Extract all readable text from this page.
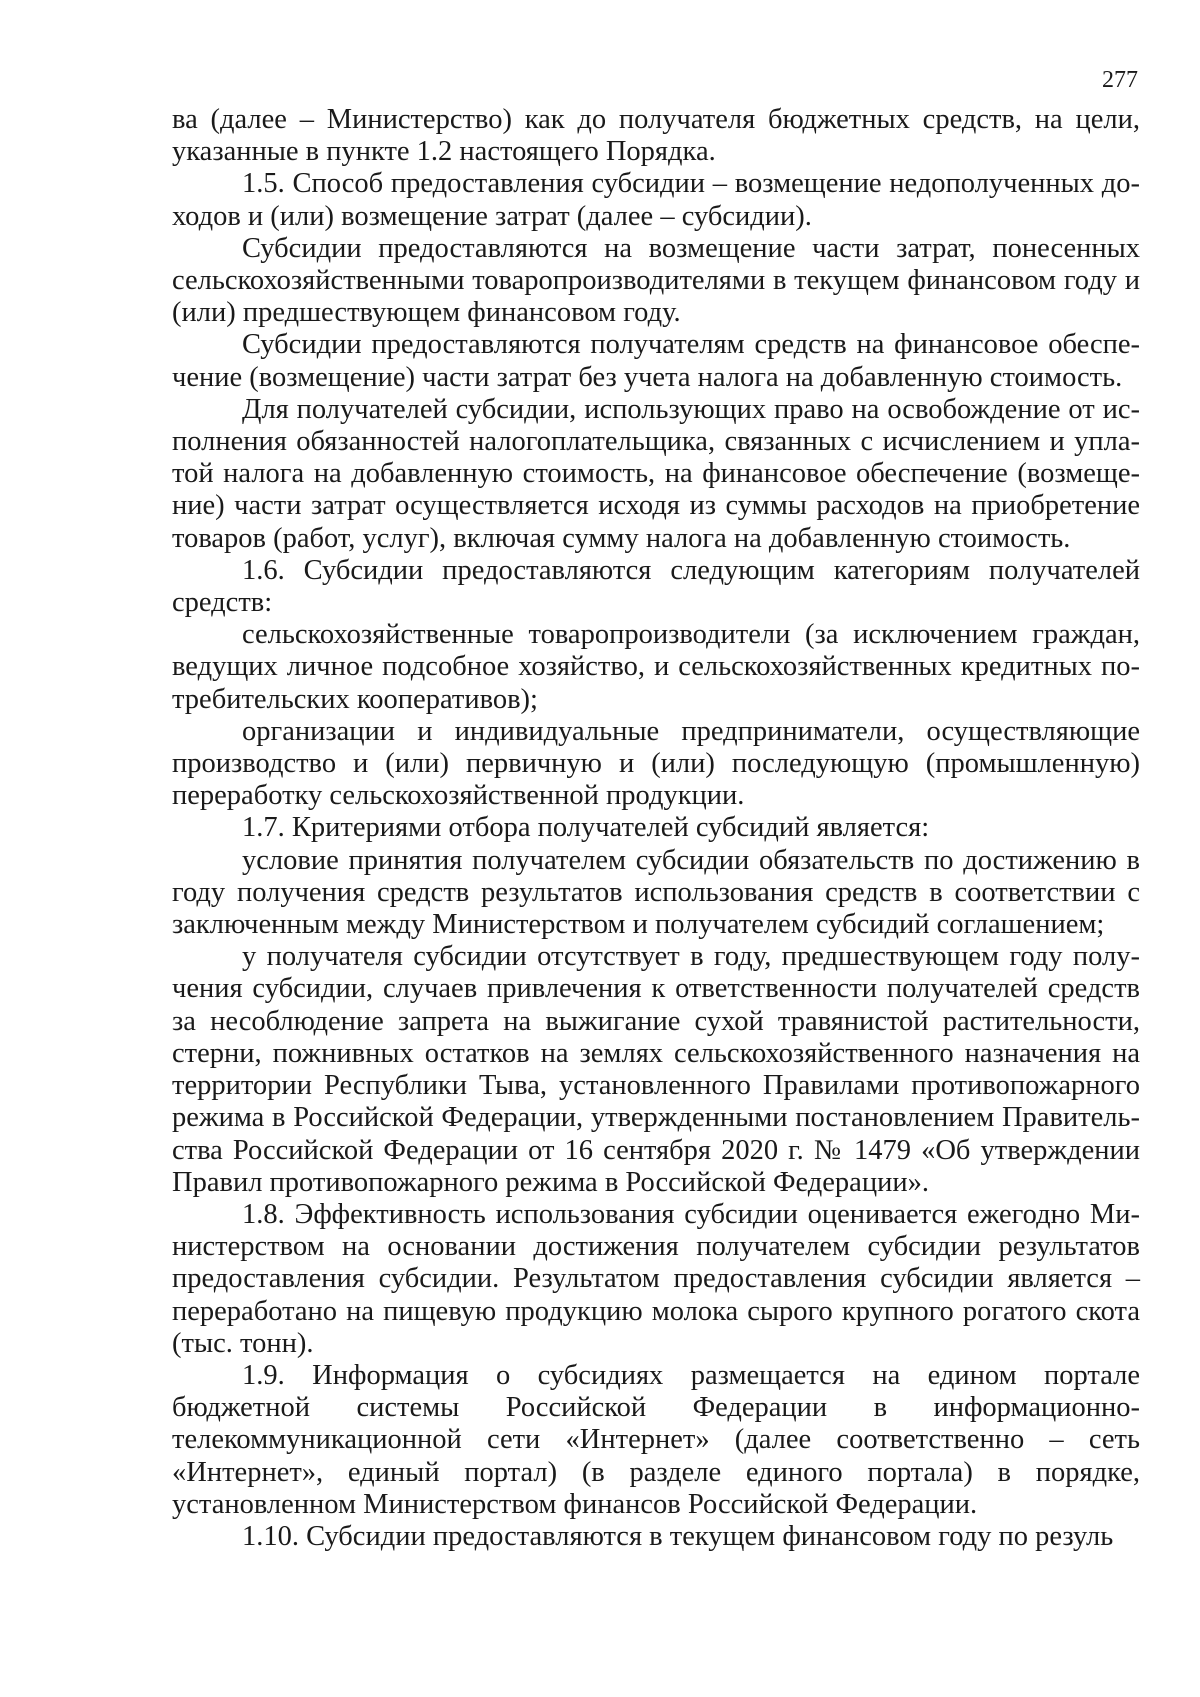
277

ва (далее – Министерство) как до получателя бюджетных средств, на цели, указанные в пункте 1.2 настоящего Порядка.

1.5. Способ предоставления субсидии – возмещение недополученных доходов и (или) возмещение затрат (далее – субсидии).

Субсидии предоставляются на возмещение части затрат, понесенных сельскохозяйственными товаропроизводителями в текущем финансовом году и (или) предшествующем финансовом году.

Субсидии предоставляются получателям средств на финансовое обеспечение (возмещение) части затрат без учета налога на добавленную стоимость.

Для получателей субсидии, использующих право на освобождение от исполнения обязанностей налогоплательщика, связанных с исчислением и уплатой налога на добавленную стоимость, на финансовое обеспечение (возмещение) части затрат осуществляется исходя из суммы расходов на приобретение товаров (работ, услуг), включая сумму налога на добавленную стоимость.

1.6. Субсидии предоставляются следующим категориям получателей средств:

сельскохозяйственные товаропроизводители (за исключением граждан, ведущих личное подсобное хозяйство, и сельскохозяйственных кредитных потребительских кооперативов);

организации и индивидуальные предприниматели, осуществляющие производство и (или) первичную и (или) последующую (промышленную) переработку сельскохозяйственной продукции.

1.7. Критериями отбора получателей субсидий является:

условие принятия получателем субсидии обязательств по достижению в году получения средств результатов использования средств в соответствии с заключенным между Министерством и получателем субсидий соглашением;

у получателя субсидии отсутствует в году, предшествующем году получения субсидии, случаев привлечения к ответственности получателей средств за несоблюдение запрета на выжигание сухой травянистой растительности, стерни, пожнивных остатков на землях сельскохозяйственного назначения на территории Республики Тыва, установленного Правилами противопожарного режима в Российской Федерации, утвержденными постановлением Правительства Российской Федерации от 16 сентября 2020 г. № 1479 «Об утверждении Правил противопожарного режима в Российской Федерации».

1.8. Эффективность использования субсидии оценивается ежегодно Министерством на основании достижения получателем субсидии результатов предоставления субсидии. Результатом предоставления субсидии является – переработано на пищевую продукцию молока сырого крупного рогатого скота (тыс. тонн).

1.9. Информация о субсидиях размещается на едином портале бюджетной системы Российской Федерации в информационно-телекоммуникационной сети «Интернет» (далее соответственно – сеть «Интернет», единый портал) (в разделе единого портала) в порядке, установленном Министерством финансов Российской Федерации.

1.10. Субсидии предоставляются в текущем финансовом году по резуль
